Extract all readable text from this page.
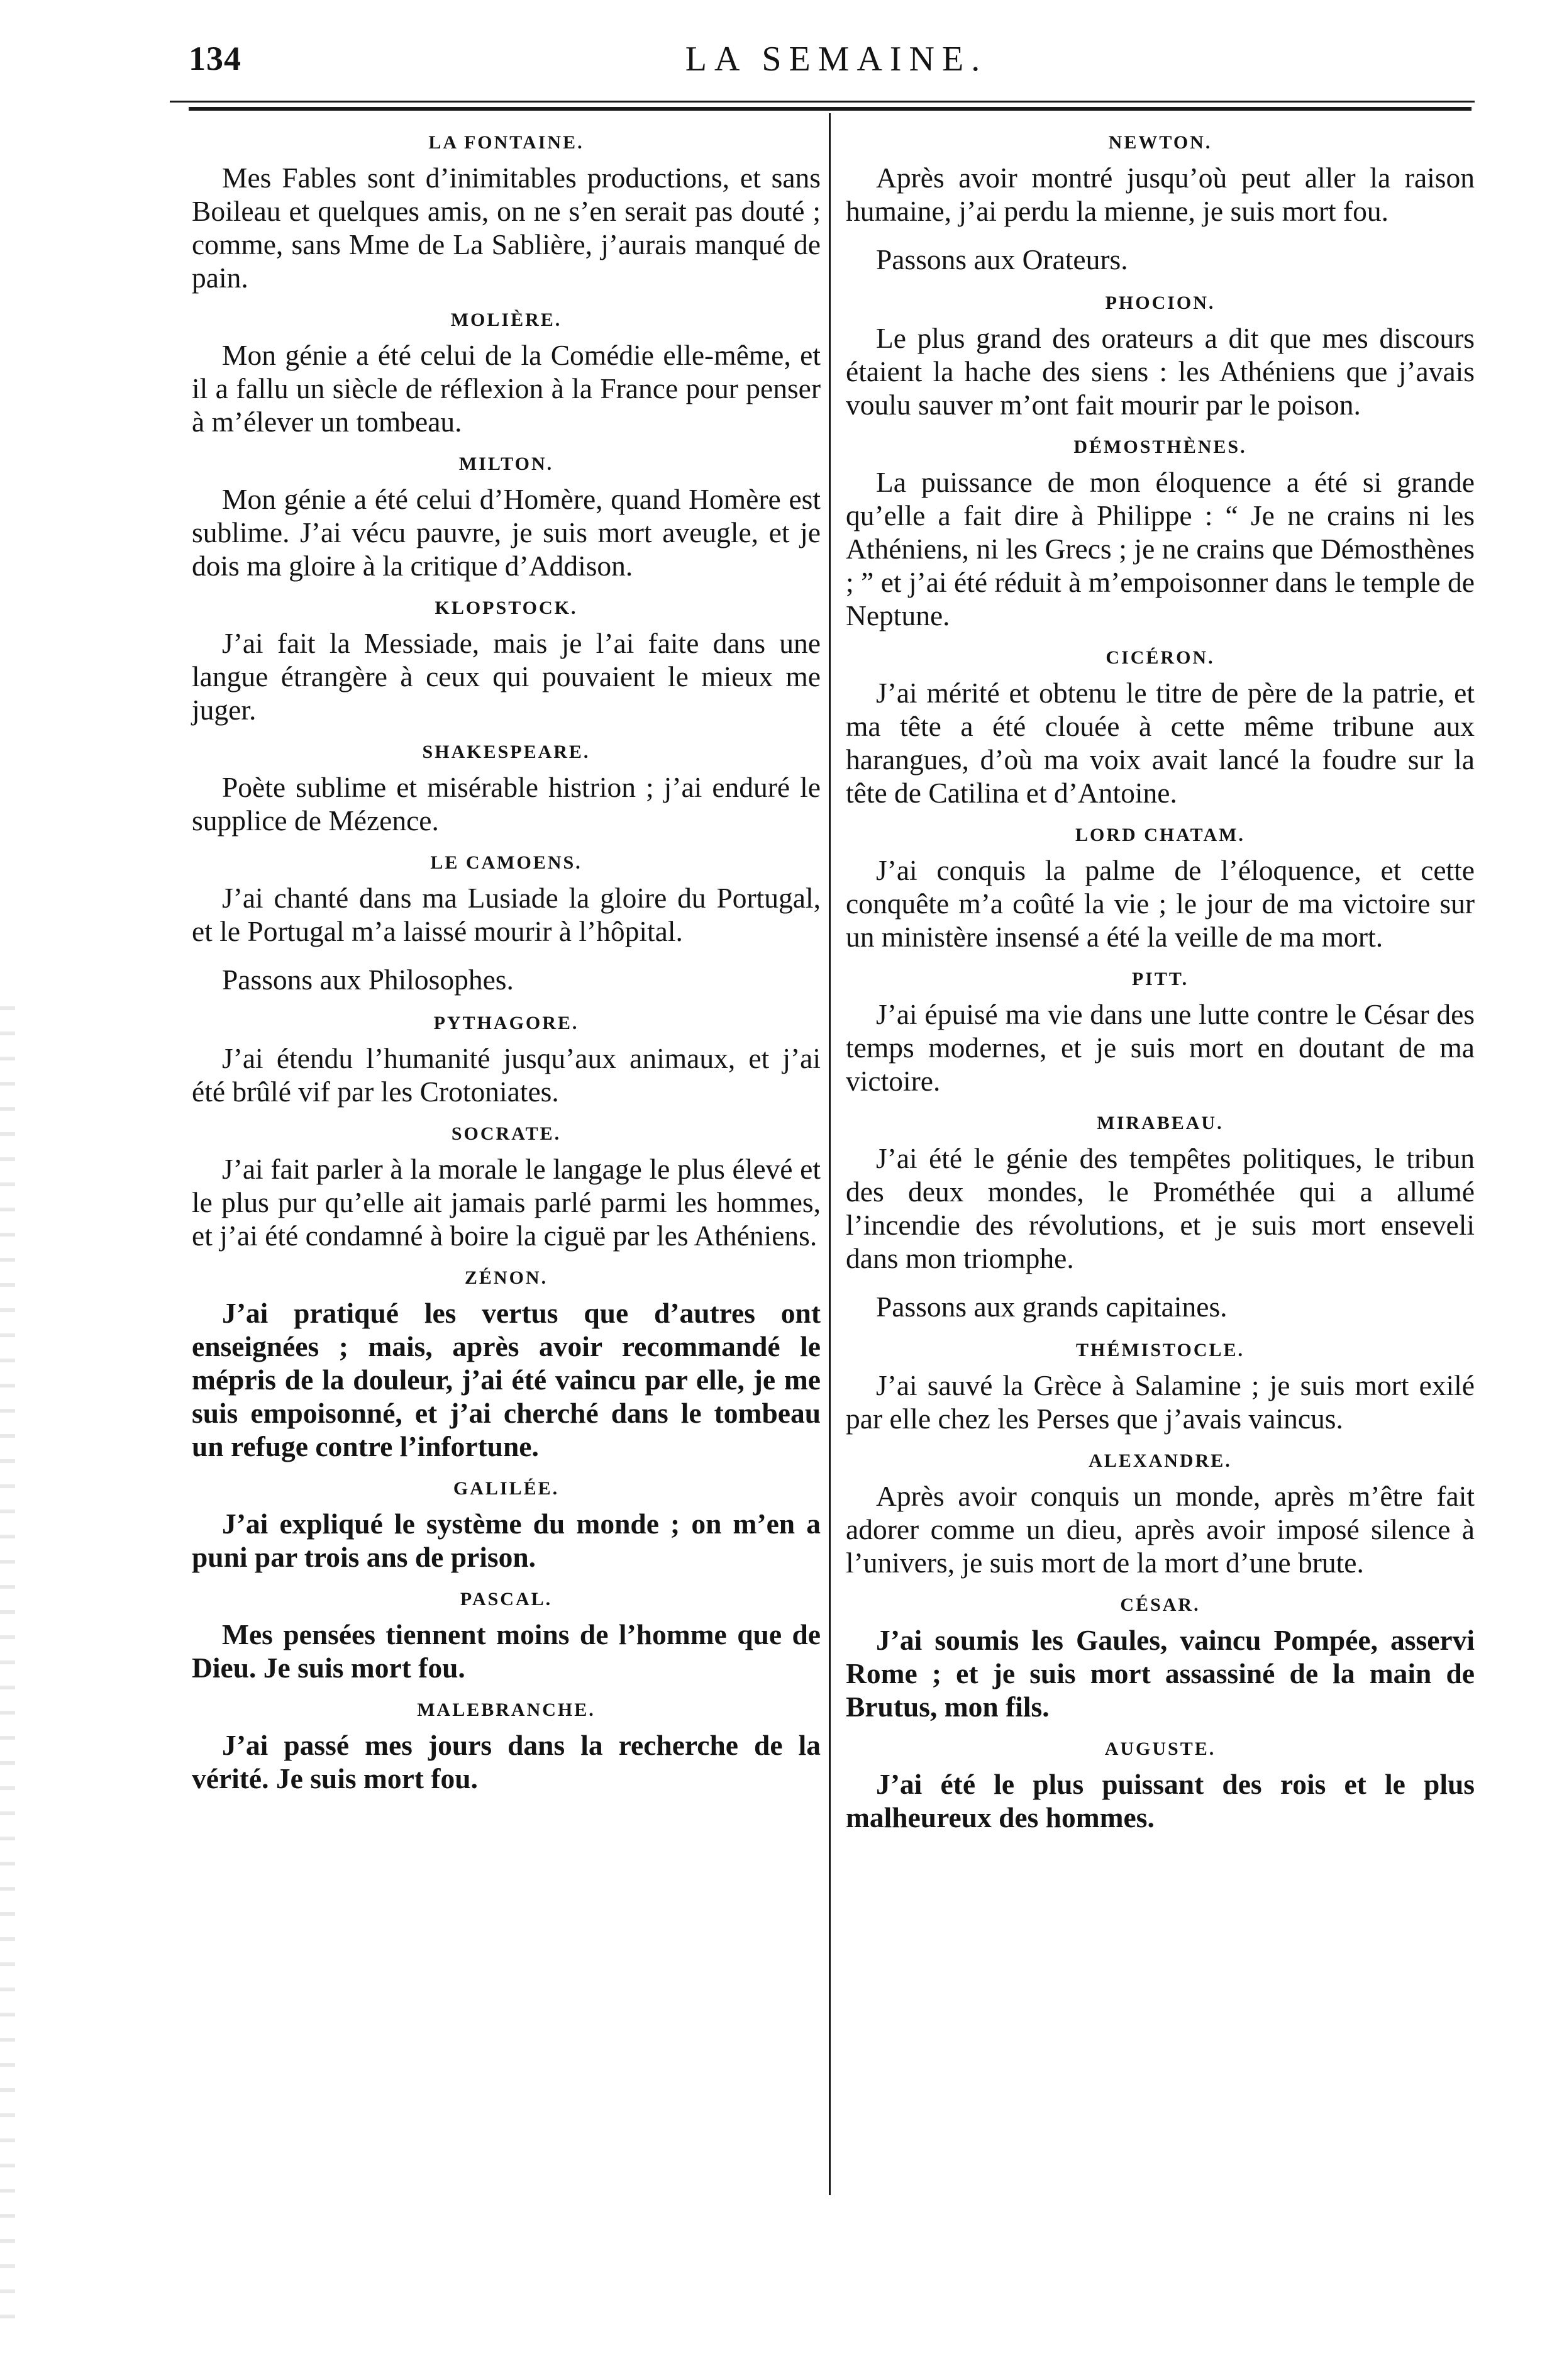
134	LA SEMAINE.
LA FONTAINE.

Mes Fables sont d’inimitables productions, et sans Boileau et quelques amis, on ne s’en serait pas douté ; comme, sans Mme de La Sablière, j’aurais manqué de pain.

MOLIÈRE.

Mon génie a été celui de la Comédie elle-même, et il a fallu un siècle de réflexion à la France pour penser à m’élever un tombeau.

MILTON.

Mon génie a été celui d’Homère, quand Homère est sublime. J’ai vécu pauvre, je suis mort aveugle, et je dois ma gloire à la critique d’Addison.

KLOPSTOCK.

J’ai fait la Messiade, mais je l’ai faite dans une langue étrangère à ceux qui pouvaient le mieux me juger.

SHAKESPEARE.

Poète sublime et misérable histrion ; j’ai enduré le supplice de Mézence.

LE CAMOENS.

J’ai chanté dans ma Lusiade la gloire du Portugal, et le Portugal m’a laissé mourir à l’hôpital.

Passons aux Philosophes.

PYTHAGORE.

J’ai étendu l’humanité jusqu’aux animaux, et j’ai été brûlé vif par les Crotoniates.

SOCRATE.

J’ai fait parler à la morale le langage le plus élevé et le plus pur qu’elle ait jamais parlé parmi les hommes, et j’ai été condamné à boire la ciguë par les Athéniens.

ZÉNON.

J’ai pratiqué les vertus que d’autres ont enseignées ; mais, après avoir recommandé le mépris de la douleur, j’ai été vaincu par elle, je me suis empoisonné, et j’ai cherché dans le tombeau un refuge contre l’infortune.

GALILÉE.

J’ai expliqué le système du monde ; on m’en a puni par trois ans de prison.

PASCAL.

Mes pensées tiennent moins de l’homme que de Dieu. Je suis mort fou.

MALEBRANCHE.

J’ai passé mes jours dans la recherche de la vérité. Je suis mort fou.

NEWTON.

Après avoir montré jusqu’où peut aller la raison humaine, j’ai perdu la mienne, je suis mort fou.

Passons aux Orateurs.

PHOCION.

Le plus grand des orateurs a dit que mes discours étaient la hache des siens : les Athéniens que j’avais voulu sauver m’ont fait mourir par le poison.

DÉMOSTHÈNES.

La puissance de mon éloquence a été si grande qu’elle a fait dire à Philippe : “ Je ne crains ni les Athéniens, ni les Grecs ; je ne crains que Démosthènes ; ” et j’ai été réduit à m’empoisonner dans le temple de Neptune.

CICÉRON.

J’ai mérité et obtenu le titre de père de la patrie, et ma tête a été clouée à cette même tribune aux harangues, d’où ma voix avait lancé la foudre sur la tête de Catilina et d’Antoine.

LORD CHATAM.

J’ai conquis la palme de l’éloquence, et cette conquête m’a coûté la vie ; le jour de ma victoire sur un ministère insensé a été la veille de ma mort.

PITT.

J’ai épuisé ma vie dans une lutte contre le César des temps modernes, et je suis mort en doutant de ma victoire.

MIRABEAU.

J’ai été le génie des tempêtes politiques, le tribun des deux mondes, le Prométhée qui a allumé l’incendie des révolutions, et je suis mort enseveli dans mon triomphe.

Passons aux grands capitaines.

THÉMISTOCLE.

J’ai sauvé la Grèce à Salamine ; je suis mort exilé par elle chez les Perses que j’avais vaincus.

ALEXANDRE.

Après avoir conquis un monde, après m’être fait adorer comme un dieu, après avoir imposé silence à l’univers, je suis mort de la mort d’une brute.

CÉSAR.

J’ai soumis les Gaules, vaincu Pompée, asservi Rome ; et je suis mort assassiné de la main de Brutus, mon fils.

AUGUSTE.

J’ai été le plus puissant des rois et le plus malheureux des hommes.
